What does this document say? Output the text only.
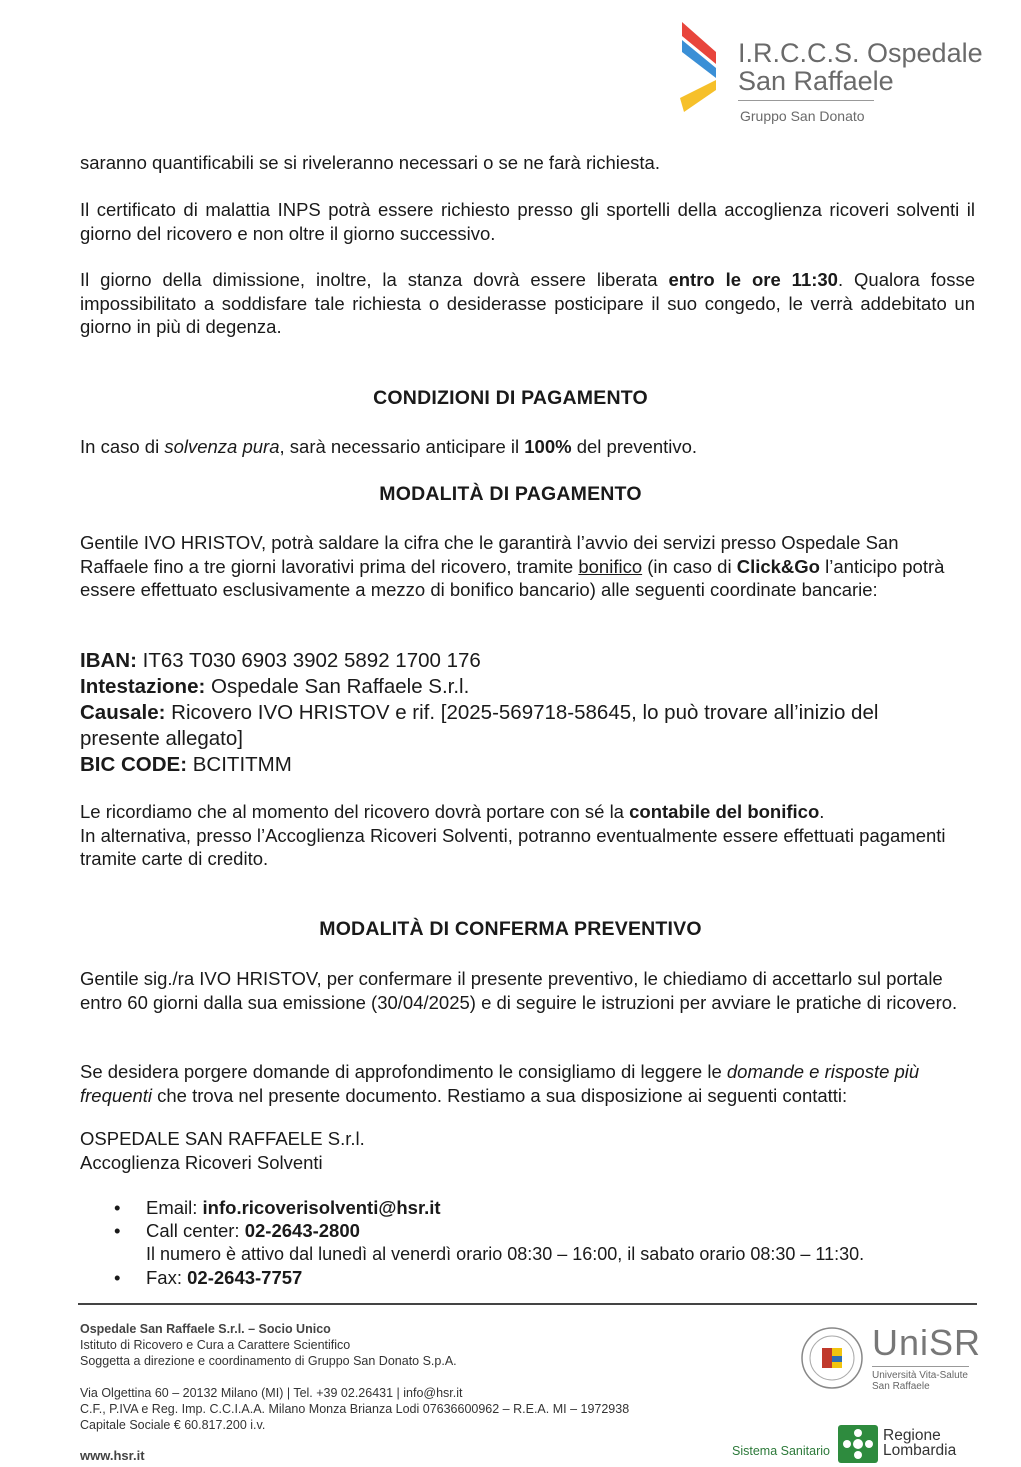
I.R.C.C.S. Ospedale
San Raffaele
Gruppo San Donato

saranno quantificabili se si riveleranno necessari o se ne farà richiesta.

Il certificato di malattia INPS potrà essere richiesto presso gli sportelli della accoglienza ricoveri solventi il giorno del ricovero e non oltre il giorno successivo.

Il giorno della dimissione, inoltre, la stanza dovrà essere liberata entro le ore 11:30. Qualora fosse impossibilitato a soddisfare tale richiesta o desiderasse posticipare il suo congedo, le verrà addebitato un giorno in più di degenza.

CONDIZIONI DI PAGAMENTO

In caso di solvenza pura, sarà necessario anticipare il 100% del preventivo.

MODALITÀ DI PAGAMENTO

Gentile IVO HRISTOV, potrà saldare la cifra che le garantirà l’avvio dei servizi presso Ospedale San Raffaele fino a tre giorni lavorativi prima del ricovero, tramite bonifico (in caso di Click&Go l’anticipo potrà essere effettuato esclusivamente a mezzo di bonifico bancario) alle seguenti coordinate bancarie:

IBAN: IT63 T030 6903 3902 5892 1700 176
Intestazione: Ospedale San Raffaele S.r.l.
Causale: Ricovero IVO HRISTOV e rif. [2025-569718-58645, lo può trovare all’inizio del presente allegato]
BIC CODE: BCITITMM

Le ricordiamo che al momento del ricovero dovrà portare con sé la contabile del bonifico.
In alternativa, presso l’Accoglienza Ricoveri Solventi, potranno eventualmente essere effettuati pagamenti tramite carte di credito.

MODALITÀ DI CONFERMA PREVENTIVO

Gentile sig./ra IVO HRISTOV, per confermare il presente preventivo, le chiediamo di accettarlo sul portale entro 60 giorni dalla sua emissione (30/04/2025) e di seguire le istruzioni per avviare le pratiche di ricovero.

Se desidera porgere domande di approfondimento le consigliamo di leggere le domande e risposte più frequenti che trova nel presente documento. Restiamo a sua disposizione ai seguenti contatti:

OSPEDALE SAN RAFFAELE S.r.l.
Accoglienza Ricoveri Solventi

• Email: info.ricoverisolventi@hsr.it
• Call center: 02-2643-2800
Il numero è attivo dal lunedì al venerdì orario 08:30 – 16:00, il sabato orario 08:30 – 11:30.
• Fax: 02-2643-7757
Ospedale San Raffaele S.r.l. – Socio Unico
Istituto di Ricovero e Cura a Carattere Scientifico
Soggetta a direzione e coordinamento di Gruppo San Donato S.p.A.
Via Olgettina 60 – 20132 Milano (MI) | Tel. +39 02.26431 | info@hsr.it
C.F., P.IVA e Reg. Imp. C.C.I.A.A. Milano Monza Brianza Lodi 07636600962 – R.E.A. MI – 1972938
Capitale Sociale € 60.817.200 i.v.
www.hsr.it
UniSR
Università Vita-Salute
San Raffaele
Sistema Sanitario
Regione
Lombardia
